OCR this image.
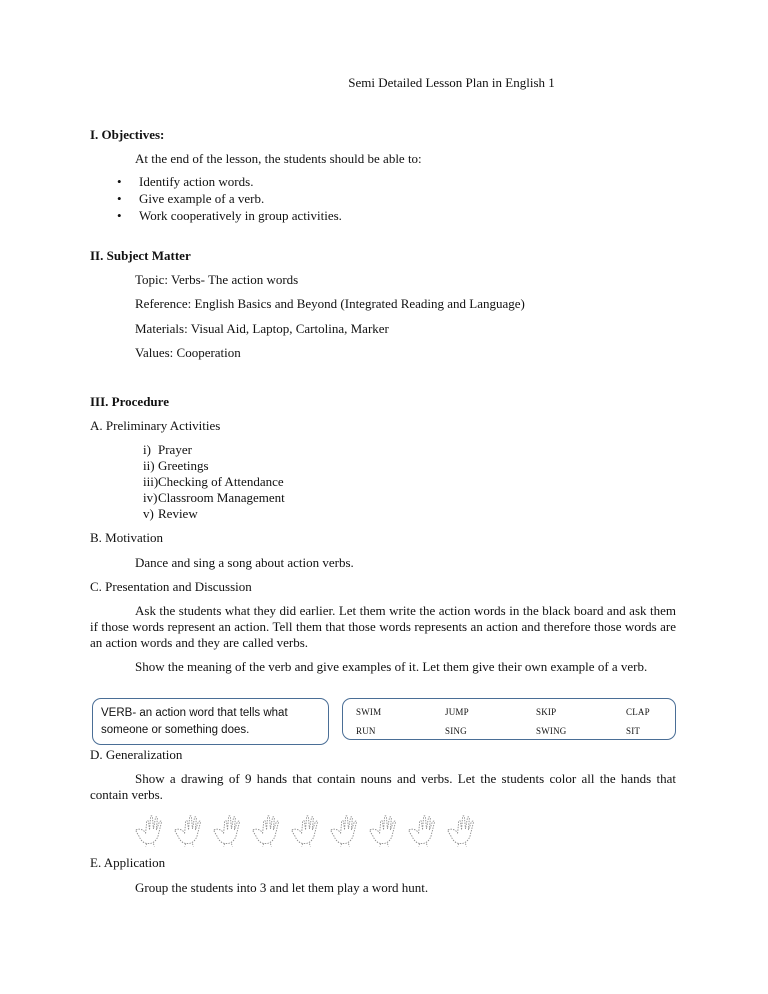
Semi Detailed Lesson Plan in English 1
I. Objectives:
At the end of the lesson, the students should be able to:
• Identify action words.
• Give example of a verb.
• Work cooperatively in group activities.
II. Subject Matter
Topic: Verbs- The action words
Reference: English Basics and Beyond (Integrated Reading and Language)
Materials: Visual Aid, Laptop, Cartolina, Marker
Values: Cooperation
III. Procedure
A. Preliminary Activities
i) Prayer
ii) Greetings
iii) Checking of Attendance
iv) Classroom Management
v) Review
B. Motivation
Dance and sing a song about action verbs.
C. Presentation and Discussion

Ask the students what they did earlier. Let them write the action words in the black board and ask them if those words represent an action. Tell them that those words represents an action and therefore those words are an action words and they are called verbs.

Show the meaning of the verb and give examples of it. Let them give their own example of a verb.

VERB- an action word that tells what
someone or something does.
SWIM	JUMP	SKIP	CLAP
RUN	SING	SWING	SIT
D. Generalization

Show a drawing of 9 hands that contain nouns and verbs. Let the students color all the hands that contain verbs.

E. Application
Group the students into 3 and let them play a word hunt.
